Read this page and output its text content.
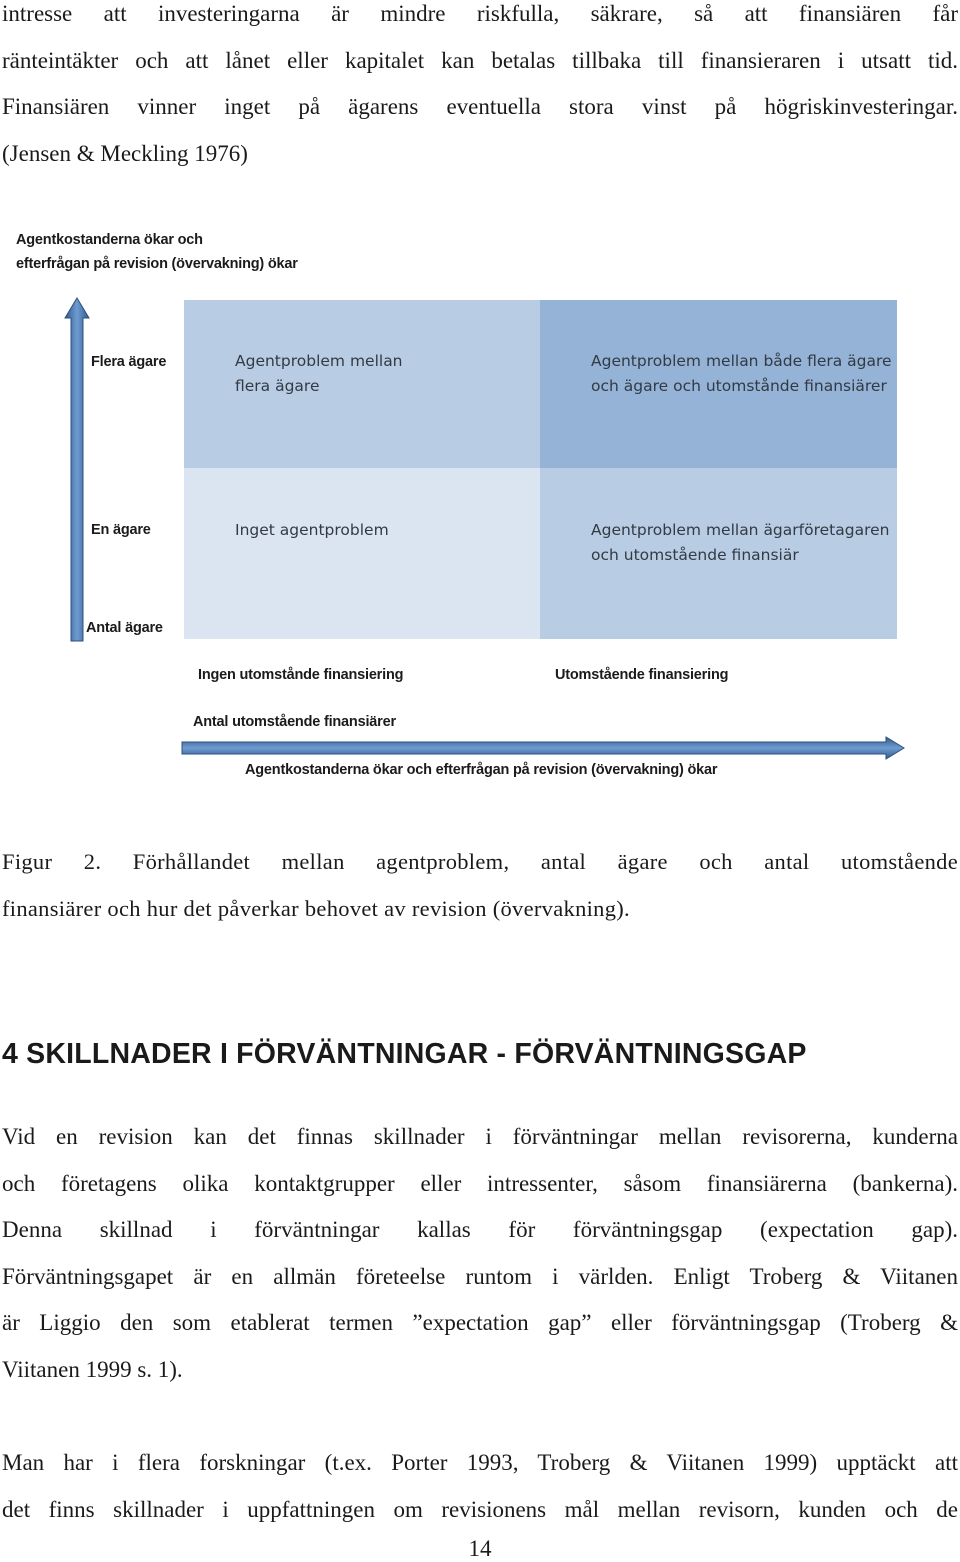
intresse att investeringarna är mindre riskfulla, säkrare, så att finansiären får
ränteintäkter och att lånet eller kapitalet kan betalas tillbaka till finansieraren i utsatt tid.
Finansiären vinner inget på ägarens eventuella stora vinst på högriskinvesteringar.
(Jensen & Meckling 1976)
Agentkostanderna ökar och
efterfrågan på revision (övervakning) ökar
Flera ägare
En ägare
Antal ägare
Agentproblem mellan
flera ägare
Agentproblem mellan både flera ägare
och ägare och utomstånde finansiärer
Inget agentproblem	Agentproblem mellan ägarföretagaren
och utomstående finansiär
Ingen utomstånde finansiering	Utomstående finansiering
Antal utomstående finansiärer
Agentkostanderna ökar och efterfrågan på revision (övervakning) ökar
Figur 2. Förhållandet mellan agentproblem, antal ägare och antal utomstående
finansiärer och hur det påverkar behovet av revision (övervakning).
4 SKILLNADER I FÖRVÄNTNINGAR - FÖRVÄNTNINGSGAP
Vid en revision kan det finnas skillnader i förväntningar mellan revisorerna, kunderna
och företagens olika kontaktgrupper eller intressenter, såsom finansiärerna (bankerna).
Denna skillnad i förväntningar kallas för förväntningsgap (expectation gap).
Förväntningsgapet är en allmän företeelse runtom i världen. Enligt Troberg & Viitanen
är Liggio den som etablerat termen ”expectation gap” eller förväntningsgap (Troberg &
Viitanen 1999 s. 1).
Man har i flera forskningar (t.ex. Porter 1993, Troberg & Viitanen 1999) upptäckt att
det finns skillnader i uppfattningen om revisionens mål mellan revisorn, kunden och de
14
